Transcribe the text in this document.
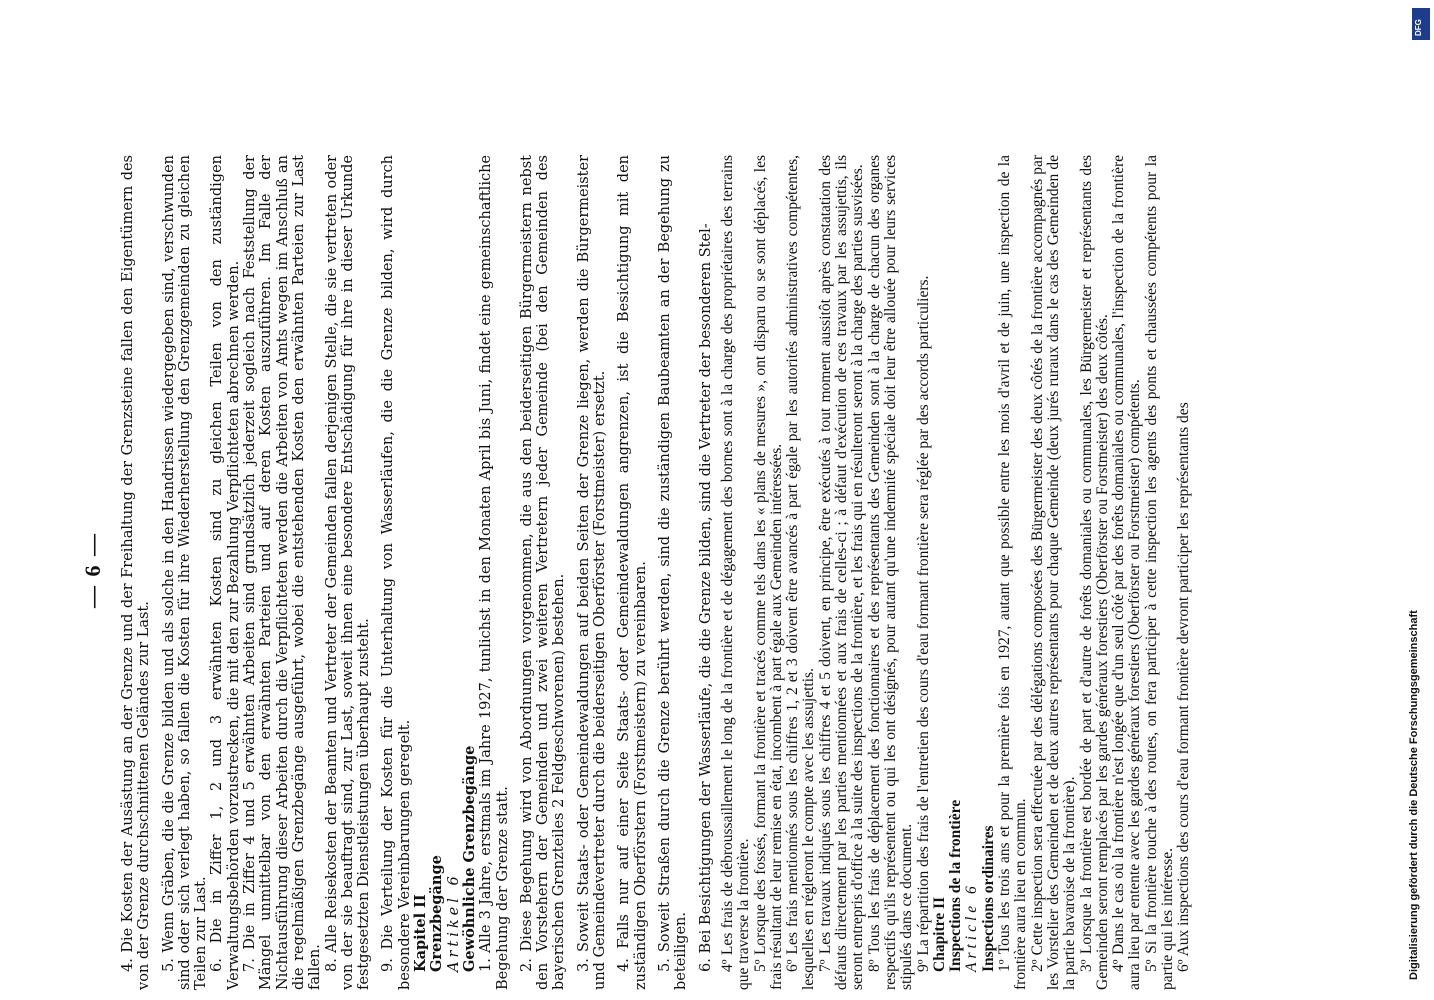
— 6 — 4. Die Kosten der Ausästung an der Grenze und der Freihaltung der Grenzsteine fallen den Eigentümern des von der Grenze durchschnittenen Geländes zur Last. 5. Wenn Gräben, die die Grenze bilden und als solche in den Handrissen wiedergegeben sind, verschwunden sind oder sich verlegt haben, so fallen die Kosten für ihre Wiederherstellung den Grenzgemeinden zu gleichen Teilen zur Last. 6. Die in Ziffer 1, 2 und 3 erwähnten Kosten sind zu gleichen Teilen von den zuständigen Verwaltungsbehörden vorzustrecken, die mit den zur Bezahlung Verpflichteten abrechnen werden. 7. Die in Ziffer 4 und 5 erwähnten Arbeiten sind grundsätzlich jederzeit sogleich nach Feststellung der Mängel unmittelbar von den erwähnten Parteien und auf deren Kosten auszuführen. Im Falle der Nichtausführung dieser Arbeiten durch die Verpflichteten werden die Arbeiten von Amts wegen im Anschluß an die regelmäßigen Grenzbegänge ausgeführt, wobei die entstehenden Kosten den erwähnten Parteien zur Last fallen. 8. Alle Reisekosten der Beamten und Vertreter der Gemeinden fallen derjenigen Stelle, die sie vertreten oder von der sie beauftragt sind, zur Last, soweit ihnen eine besondere Entschädigung für ihre in dieser Urkunde festgesetzten Dienstleistungen überhaupt zusteht. 9. Die Verteilung der Kosten für die Unterhaltung von Wasserläufen, die die Grenze bilden, wird durch besondere Vereinbarungen geregelt. Kapitel II Grenzbegänge Artikel 6 Gewöhnliche Grenzbegänge 1. Alle 3 Jahre, erstmals im Jahre 1927, tunlichst in den Monaten April bis Juni, findet eine gemeinschaftliche Begehung der Grenze statt. 2. Diese Begehung wird von Abordnungen vorgenommen, die aus den beiderseitigen Bürgermeistern nebst den Vorstehern der Gemeinden und zwei weiteren Vertretern jeder Gemeinde (bei den Gemeinden des bayerischen Grenzteiles 2 Feldgeschworenen) bestehen. 3. Soweit Staats- oder Gemeindewaldungen auf beiden Seiten der Grenze liegen, werden die Bürgermeister und Gemeindevertreter durch die beiderseitigen Oberförster (Forstmeister) ersetzt. 4. Falls nur auf einer Seite Staats- oder Gemeindewaldungen angrenzen, ist die Besichtigung mit den zuständigen Oberförstern (Forstmeistern) zu vereinbaren. 5. Soweit Straßen durch die Grenze berührt werden, sind die zuständigen Baubeamten an der Begehung zu beteiligen. 6. Bei Besichtigungen der Wasserläufe, die die Grenze bilden, sind die Vertreter der besonderen Stel- 4º Les frais de débroussaillement le long de la frontière et de dégagement des bornes sont à la charge des propriétaires des terrains que traverse la frontière. 5º Lorsque des fossés, formant la frontière et tracés comme tels dans les « plans de mesures », ont disparu ou se sont déplacés, les frais résultant de leur remise en état, incombent à part égale aux Gemeinden intéressées. 6º Les frais mentionnés sous les chiffres 1, 2 et 3 doivent être avancés à part égale par les autorités administratives compétentes, lesquelles en régleront le compte avec les assujettis. 7º Les travaux indiqués sous les chiffres 4 et 5 doivent, en principe, être exécutés à tout moment aussitôt après constatation des défauts directement par les parties mentionnées et aux frais de celles-ci ; à défaut d'exécution de ces travaux par les assujettis, ils seront entrepris d'office à la suite des inspections de la frontière, et les frais qui en résulteront seront à la charge des parties susvisées. 8º Tous les frais de déplacement des fonctionnaires et des représentants des Gemeinden sont à la charge de chacun des organes respectifs qu'ils représentent ou qui les ont désignés, pour autant qu'une indemnité spéciale doit leur être allouée pour leurs services stipulés dans ce document. 9º La répartition des frais de l'entretien des cours d'eau formant frontière sera réglée par des accords particuliers. Chapitre II Inspections de la frontière Article 6 Inspections ordinaires 1º Tous les trois ans et pour la première fois en 1927, autant que possible entre les mois d'avril et de juin, une inspection de la frontière aura lieu en commun. 2º Cette inspection sera effectuée par des délégations composées des Bürgermeister des deux côtés de la frontière accompagnés par les Vorstelier des Gemeinden et de deux autres représentants pour chaque Gemeinde (deux jurés ruraux dans le cas des Gemeinden de la partie bavaroise de la frontière). 3º Lorsque la frontière est bordée de part et d'autre de forêts domaniales ou communales, les Bürgermeister et représentants des Gemeinden seront remplacés par les gardes généraux forestiers (Oberförster ou Forstmeister) des deux côtés. 4º Dans le cas où la frontière n'est longée que d'un seul côté par des forêts domaniales ou communales, l'inspection de la frontière aura lieu par entente avec les gardes généraux forestiers (Oberförster ou Forstmeister) compétents. 5º Si la frontière touche à des routes, on fera participer à cette inspection les agents des ponts et chaussées compétents pour la partie qui les intéresse. 6º Aux inspections des cours d'eau formant frontière devront participer les représentants des

DFG
Digitalisierung gefördert durch die Deutsche Forschungsgemeinschaft
